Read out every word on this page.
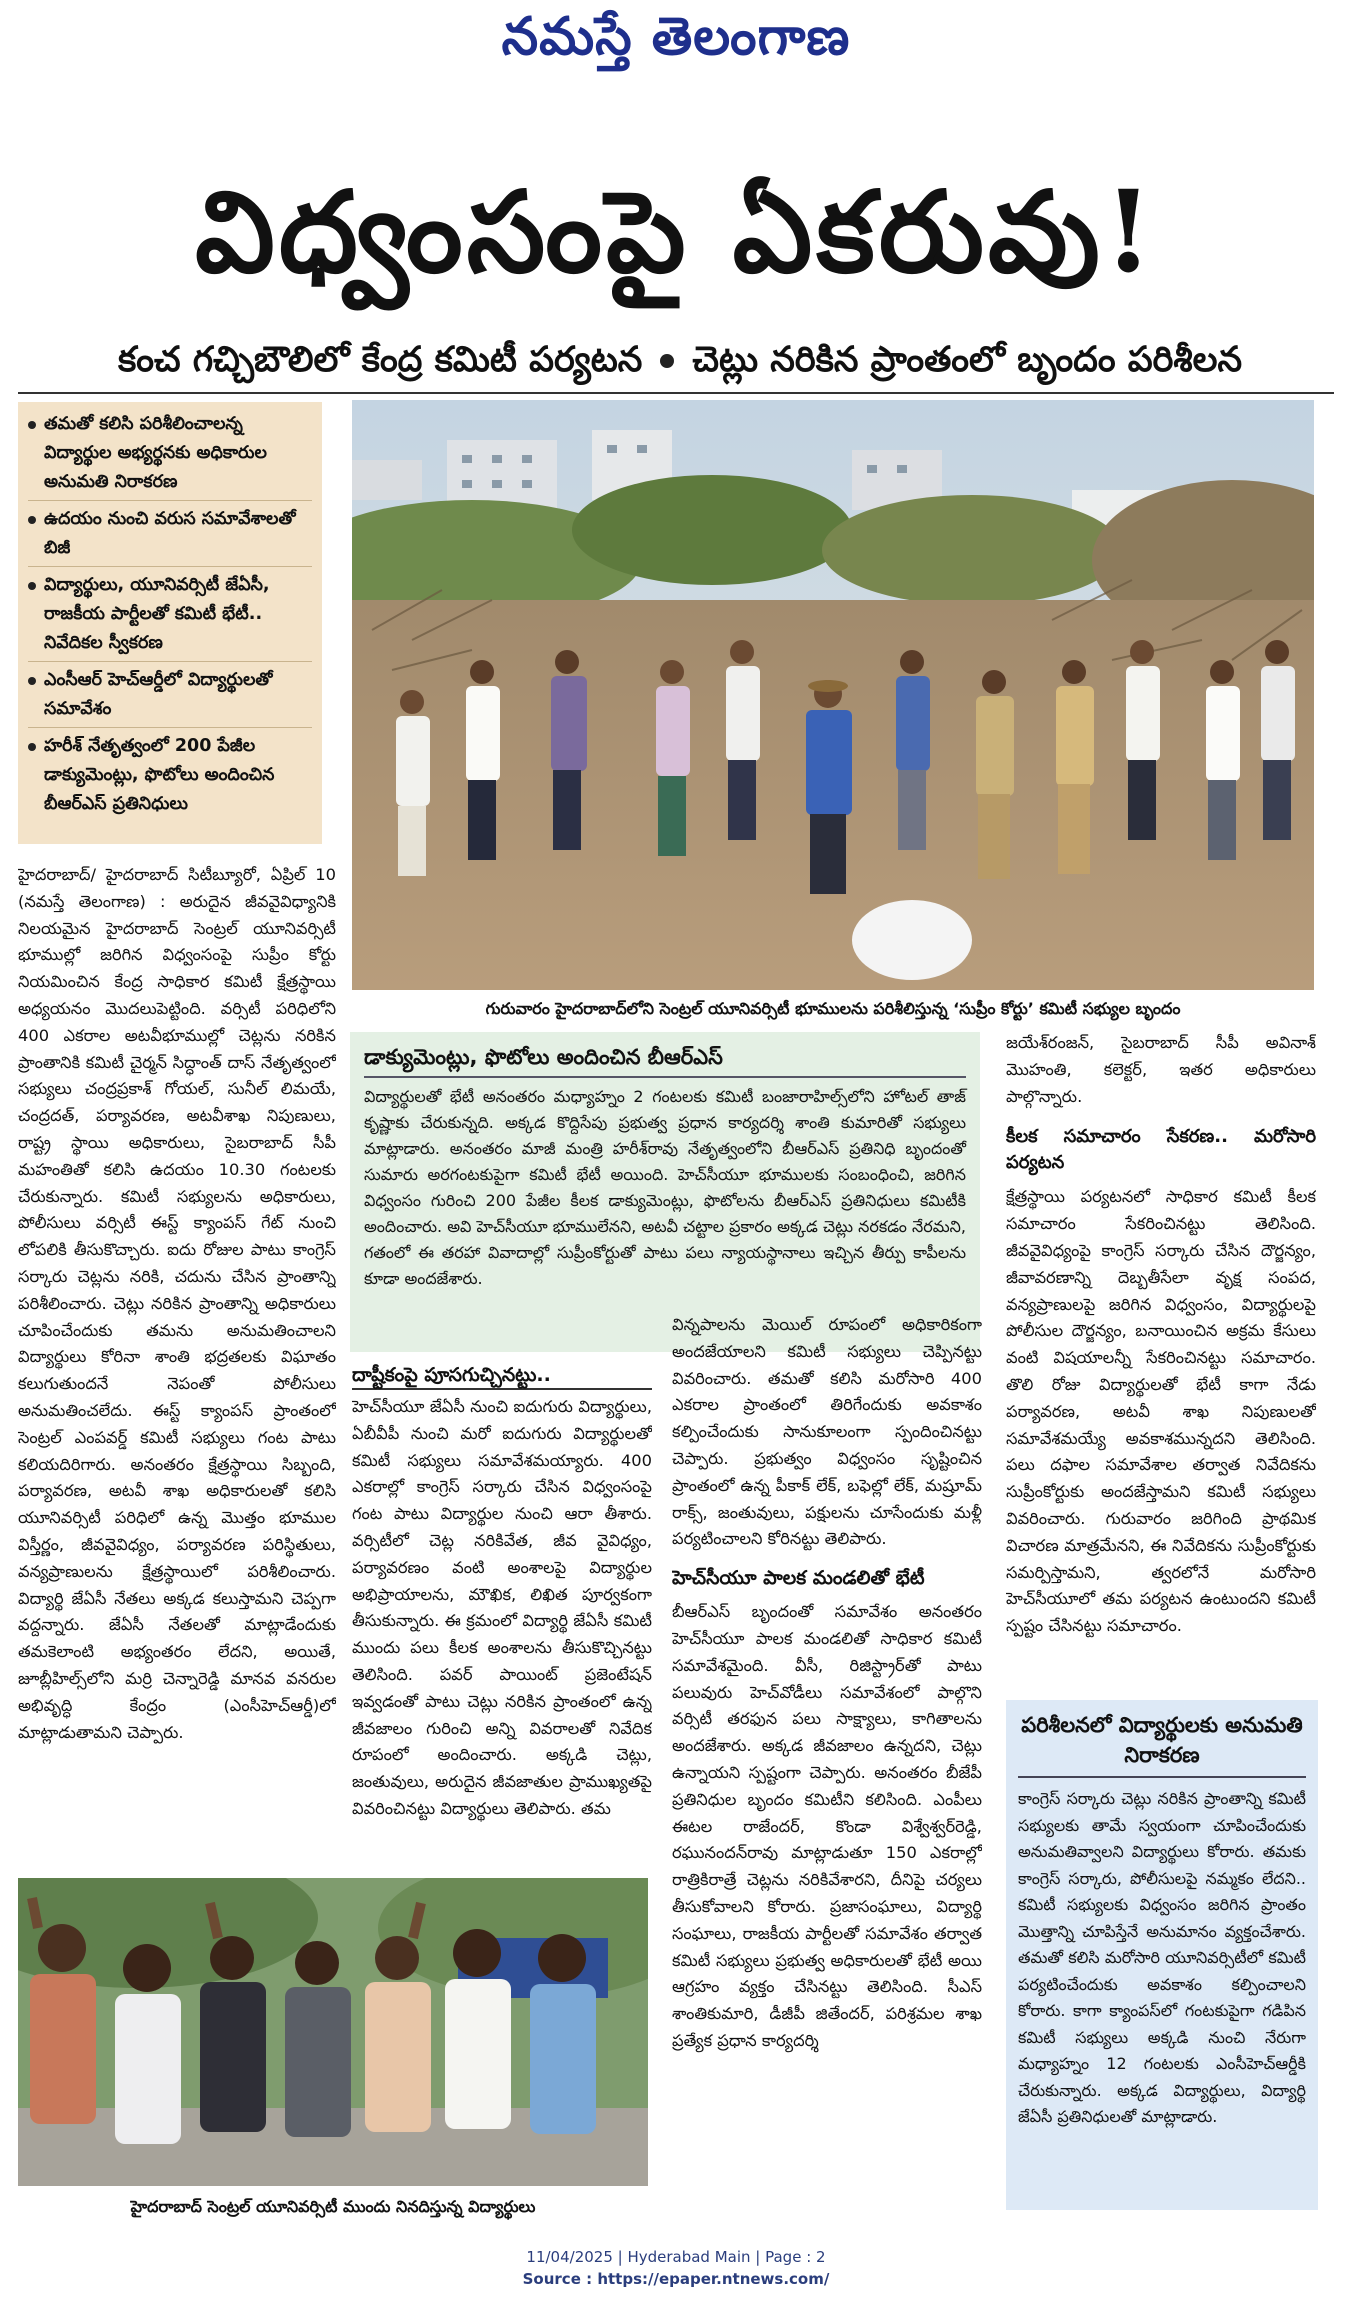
నమస్తే తెలంగాణ
విధ్వంసంపై ఏకరువు!
కంచ గచ్చిబౌలిలో కేంద్ర కమిటీ పర్యటన చెట్లు నరికిన ప్రాంతంలో బృందం పరిశీలన
తమతో కలిసి పరిశీలించాలన్న విద్యార్థుల అభ్యర్థనకు అధికారుల అనుమతి నిరాకరణ
ఉదయం నుంచి వరుస సమావేశాలతో బిజీ
విద్యార్థులు, యూనివర్సిటీ జేఏసీ, రాజకీయ పార్టీలతో కమిటీ భేటీ.. నివేదికల స్వీకరణ
ఎంసీఆర్ హెచ్ఆర్డీలో విద్యార్థులతో సమావేశం
హరీశ్ నేతృత్వంలో 200 పేజీల డాక్యుమెంట్లు, ఫొటోలు అందించిన బీఆర్ఎస్ ప్రతినిధులు
గురువారం హైదరాబాద్‌లోని సెంట్రల్ యూనివర్సిటీ భూములను పరిశీలిస్తున్న ‘సుప్రీం కోర్టు’ కమిటీ సభ్యుల బృందం
హైదరాబాద్/ హైదరాబాద్ సిటీబ్యూరో, ఏప్రిల్ 10 (నమస్తే తెలంగాణ) : అరుదైన జీవవైవిధ్యానికి నిలయమైన హైదరాబాద్ సెంట్రల్ యూనివర్సిటీ భూముల్లో జరిగిన విధ్వంసంపై సుప్రీం కోర్టు నియమించిన కేంద్ర సాధికార కమిటీ క్షేత్రస్థాయి అధ్యయనం మొదలుపెట్టింది. వర్సిటీ పరిధిలోని 400 ఎకరాల అటవీభూముల్లో చెట్లను నరికిన ప్రాంతానికి కమిటీ చైర్మన్ సిద్ధాంత్ దాస్ నేతృత్వంలో సభ్యులు చంద్రప్రకాశ్ గోయల్, సునీల్ లిమయే, చంద్రదత్, పర్యావరణ, అటవీశాఖ నిపుణులు, రాష్ట్ర స్థాయి అధికారులు, సైబరాబాద్ సీపీ మహంతితో కలిసి ఉదయం 10.30 గంటలకు చేరుకున్నారు. కమిటీ సభ్యులను అధికారులు, పోలీసులు వర్సిటీ ఈస్ట్ క్యాంపస్ గేట్ నుంచి లోపలికి తీసుకొచ్చారు. ఐదు రోజుల పాటు కాంగ్రెస్ సర్కారు చెట్లను నరికి, చదును చేసిన ప్రాంతాన్ని పరిశీలించారు. చెట్లు నరికిన ప్రాంతాన్ని అధికారులు చూపించేందుకు తమను అనుమతించాలని విద్యార్థులు కోరినా శాంతి భద్రతలకు విఘాతం కలుగుతుందనే నెపంతో పోలీసులు అనుమతించలేదు. ఈస్ట్ క్యాంపస్ ప్రాంతంలో సెంట్రల్ ఎంపవర్డ్ కమిటీ సభ్యులు గంట పాటు కలియదిరిగారు. అనంతరం క్షేత్రస్థాయి సిబ్బంది, పర్యావరణ, అటవీ శాఖ అధికారులతో కలిసి యూనివర్సిటీ పరిధిలో ఉన్న మొత్తం భూముల విస్తీర్ణం, జీవవైవిధ్యం, పర్యావరణ పరిస్థితులు, వన్యప్రాణులను క్షేత్రస్థాయిలో పరిశీలించారు. విద్యార్థి జేఏసీ నేతలు అక్కడ కలుస్తామని చెప్పగా వద్దన్నారు. జేఏసీ నేతలతో మాట్లాడేందుకు తమకెలాంటి అభ్యంతరం లేదని, అయితే, జూబ్లీహిల్స్‌లోని మర్రి చెన్నారెడ్డి మానవ వనరుల అభివృద్ధి కేంద్రం (ఎంసీహెచ్ఆర్డీ)లో మాట్లాడుతామని చెప్పారు.
డాక్యుమెంట్లు, ఫొటోలు అందించిన బీఆర్ఎస్
విద్యార్థులతో భేటీ అనంతరం మధ్యాహ్నం 2 గంటలకు కమిటీ బంజారాహిల్స్‌లోని హోటల్ తాజ్ కృష్ణాకు చేరుకున్నది. అక్కడ కొద్దిసేపు ప్రభుత్వ ప్రధాన కార్యదర్శి శాంతి కుమారితో సభ్యులు మాట్లాడారు. అనంతరం మాజీ మంత్రి హరీశ్‌రావు నేతృత్వంలోని బీఆర్ఎస్ ప్రతినిధి బృందంతో సుమారు అరగంటకుపైగా కమిటీ భేటీ అయింది. హెచ్‌సీయూ భూములకు సంబంధించి, జరిగిన విధ్వంసం గురించి 200 పేజీల కీలక డాక్యుమెంట్లు, ఫొటోలను బీఆర్ఎస్ ప్రతినిధులు కమిటీకి అందించారు. అవి హెచ్‌సీయూ భూములేనని, అటవీ చట్టాల ప్రకారం అక్కడ చెట్లు నరకడం నేరమని, గతంలో ఈ తరహా వివాదాల్లో సుప్రీంకోర్టుతో పాటు పలు న్యాయస్థానాలు ఇచ్చిన తీర్పు కాపీలను కూడా అందజేశారు.
దాష్టీకంపై పూసగుచ్చినట్టు..
హెచ్‌సీయూ జేఏసీ నుంచి ఐదుగురు విద్యార్థులు, ఏబీవీపీ నుంచి మరో ఐదుగురు విద్యార్థులతో కమిటీ సభ్యులు సమావేశమయ్యారు. 400 ఎకరాల్లో కాంగ్రెస్ సర్కారు చేసిన విధ్వంసంపై గంట పాటు విద్యార్థుల నుంచి ఆరా తీశారు. వర్సిటీలో చెట్ల నరికివేత, జీవ వైవిధ్యం, పర్యావరణం వంటి అంశాలపై విద్యార్థుల అభిప్రాయాలను, మౌఖిక, లిఖిత పూర్వకంగా తీసుకున్నారు. ఈ క్రమంలో విద్యార్థి జేఏసీ కమిటీ ముందు పలు కీలక అంశాలను తీసుకొచ్చినట్టు తెలిసింది. పవర్ పాయింట్ ప్రజెంటేషన్ ఇవ్వడంతో పాటు చెట్లు నరికిన ప్రాంతంలో ఉన్న జీవజాలం గురించి అన్ని వివరాలతో నివేదిక రూపంలో అందించారు. అక్కడి చెట్లు, జంతువులు, అరుదైన జీవజాతుల ప్రాముఖ్యతపై వివరించినట్టు విద్యార్థులు తెలిపారు. తమ
విన్నపాలను మెయిల్ రూపంలో అధికారికంగా అందజేయాలని కమిటీ సభ్యులు చెప్పినట్టు వివరించారు. తమతో కలిసి మరోసారి 400 ఎకరాల ప్రాంతంలో తిరిగేందుకు అవకాశం కల్పించేందుకు సానుకూలంగా స్పందించినట్టు చెప్పారు. ప్రభుత్వం విధ్వంసం సృష్టించిన ప్రాంతంలో ఉన్న పీకాక్ లేక్, బఫెల్లో లేక్, మష్రూమ్ రాక్స్, జంతువులు, పక్షులను చూసేందుకు మళ్లీ పర్యటించాలని కోరినట్టు తెలిపారు.
హెచ్‌సీయూ పాలక మండలితో భేటీ
బీఆర్ఎస్ బృందంతో సమావేశం అనంతరం హెచ్‌సీయూ పాలక మండలితో సాధికార కమిటీ సమావేశమైంది. వీసీ, రిజిస్ట్రార్‌తో పాటు పలువురు హెచ్‌వోడీలు సమావేశంలో పాల్గొని వర్సిటీ తరఫున పలు సాక్ష్యాలు, కాగితాలను అందజేశారు. అక్కడ జీవజాలం ఉన్నదని, చెట్లు ఉన్నాయని స్పష్టంగా చెప్పారు. అనంతరం బీజేపీ ప్రతినిధుల బృందం కమిటీని కలిసింది. ఎంపీలు ఈటల రాజేందర్, కొండా విశ్వేశ్వర్‌రెడ్డి, రఘునందన్‌రావు మాట్లాడుతూ 150 ఎకరాల్లో రాత్రికిరాత్రే చెట్లను నరికివేశారని, దీనిపై చర్యలు తీసుకోవాలని కోరారు. ప్రజాసంఘాలు, విద్యార్థి సంఘాలు, రాజకీయ పార్టీలతో సమావేశం తర్వాత కమిటీ సభ్యులు ప్రభుత్వ అధికారులతో భేటీ అయి ఆగ్రహం వ్యక్తం చేసినట్టు తెలిసింది. సీఎస్ శాంతికుమారి, డీజీపీ జితేందర్, పరిశ్రమల శాఖ ప్రత్యేక ప్రధాన కార్యదర్శి
జయేశ్‌రంజన్, సైబరాబాద్ సీపీ అవినాశ్ మొహంతి, కలెక్టర్, ఇతర అధికారులు పాల్గొన్నారు.
కీలక సమాచారం సేకరణ.. మరోసారి పర్యటన
క్షేత్రస్థాయి పర్యటనలో సాధికార కమిటీ కీలక సమాచారం సేకరించినట్టు తెలిసింది. జీవవైవిధ్యంపై కాంగ్రెస్ సర్కారు చేసిన దౌర్జన్యం, జీవావరణాన్ని దెబ్బతీసేలా వృక్ష సంపద, వన్యప్రాణులపై జరిగిన విధ్వంసం, విద్యార్థులపై పోలీసుల దౌర్జన్యం, బనాయించిన అక్రమ కేసులు వంటి విషయాలన్నీ సేకరించినట్టు సమాచారం. తొలి రోజు విద్యార్థులతో భేటీ కాగా నేడు పర్యావరణ, అటవీ శాఖ నిపుణులతో సమావేశమయ్యే అవకాశమున్నదని తెలిసింది. పలు దఫాల సమావేశాల తర్వాత నివేదికను సుప్రీంకోర్టుకు అందజేస్తామని కమిటీ సభ్యులు వివరించారు. గురువారం జరిగింది ప్రాథమిక విచారణ మాత్రమేనని, ఈ నివేదికను సుప్రీంకోర్టుకు సమర్పిస్తామని, త్వరలోనే మరోసారి హెచ్‌సీయూలో తమ పర్యటన ఉంటుందని కమిటీ స్పష్టం చేసినట్టు సమాచారం.
పరిశీలనలో విద్యార్థులకు అనుమతి నిరాకరణ
కాంగ్రెస్ సర్కారు చెట్లు నరికిన ప్రాంతాన్ని కమిటీ సభ్యులకు తామే స్వయంగా చూపించేందుకు అనుమతివ్వాలని విద్యార్థులు కోరారు. తమకు కాంగ్రెస్ సర్కారు, పోలీసులపై నమ్మకం లేదని.. కమిటీ సభ్యులకు విధ్వంసం జరిగిన ప్రాంతం మొత్తాన్ని చూపిస్తేనే అనుమానం వ్యక్తంచేశారు. తమతో కలిసి మరోసారి యూనివర్సిటీలో కమిటీ పర్యటించేందుకు అవకాశం కల్పించాలని కోరారు. కాగా క్యాంపస్‌లో గంటకుపైగా గడిపిన కమిటీ సభ్యులు అక్కడి నుంచి నేరుగా మధ్యాహ్నం 12 గంటలకు ఎంసీహెచ్ఆర్డీకి చేరుకున్నారు. అక్కడ విద్యార్థులు, విద్యార్థి జేఏసీ ప్రతినిధులతో మాట్లాడారు.
హైదరాబాద్ సెంట్రల్ యూనివర్సిటీ ముందు నినదిస్తున్న విద్యార్థులు
11/04/2025 | Hyderabad Main | Page : 2
Source : https://epaper.ntnews.com/
